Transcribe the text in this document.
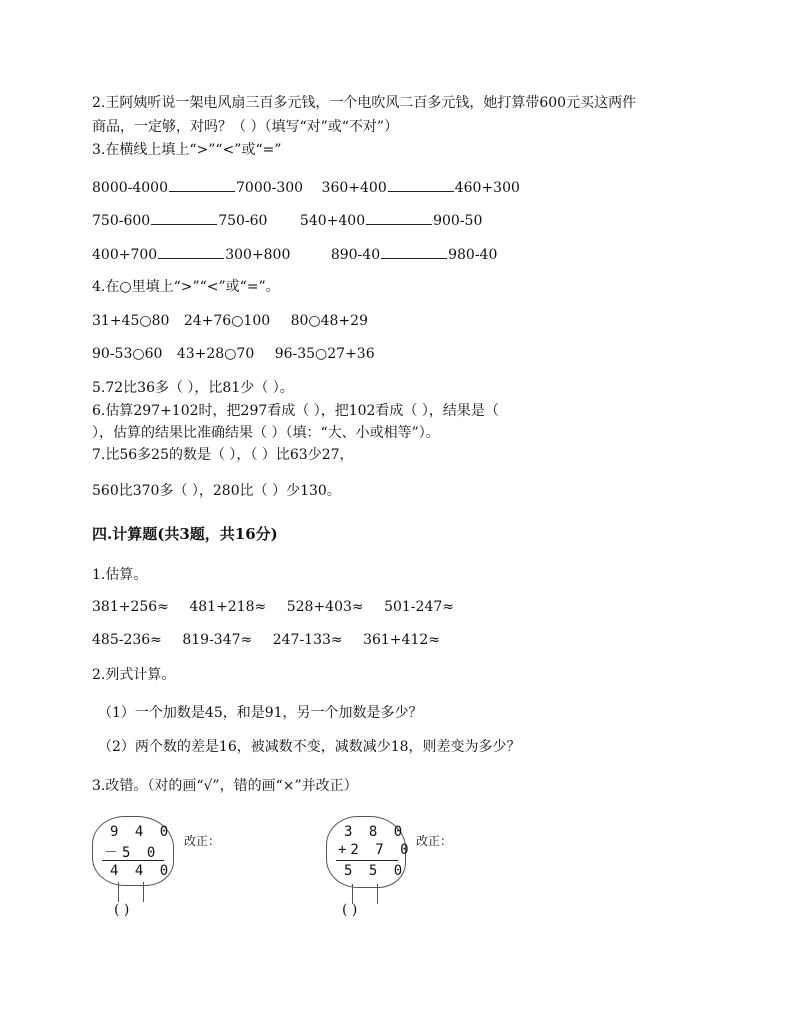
2.王阿姨听说一架电风扇三百多元钱，一个电吹风二百多元钱，她打算带600元买这两件
商品，一定够，对吗？（ ）（填写“对”或“不对”）
3.在横线上填上“>”“<”或“=”
8000-4000	7000-300 360+400	460+300
750-600	750-60 540+400	900-50
400+700	300+800	890-40	980-40
4.在○里填上“>”“<”或“=”。
31+45○80 24+76○100 80○48+29
90-53○60 43+28○70 96-35○27+36
5.72比36多（ ），比81少（ ）。
6.估算297+102时，把297看成（ ），把102看成（ ），结果是（
），估算的结果比准确结果（ ）（填：“大、小或相等”）。
7.比56多25的数是（ ），（ ）比63少27，
560比370多（ ），280比（ ）少130。
四.计算题(共3题，共16分)
1.估算。
381+256≈ 481+218≈ 528+403≈ 501-247≈
485-236≈ 819-347≈ 247-133≈ 361+412≈
2.列式计算。
（1）一个加数是45，和是91，另一个加数是多少？
（2）两个数的差是16，被减数不变，减数减少18，则差变为多少？
3.改错。（对的画“√”，错的画“×”并改正）
9 4 0
－5 0
4 4 0
( )
改正：
3 8 0
+2 7 0
5 5 0
( )
改正：
